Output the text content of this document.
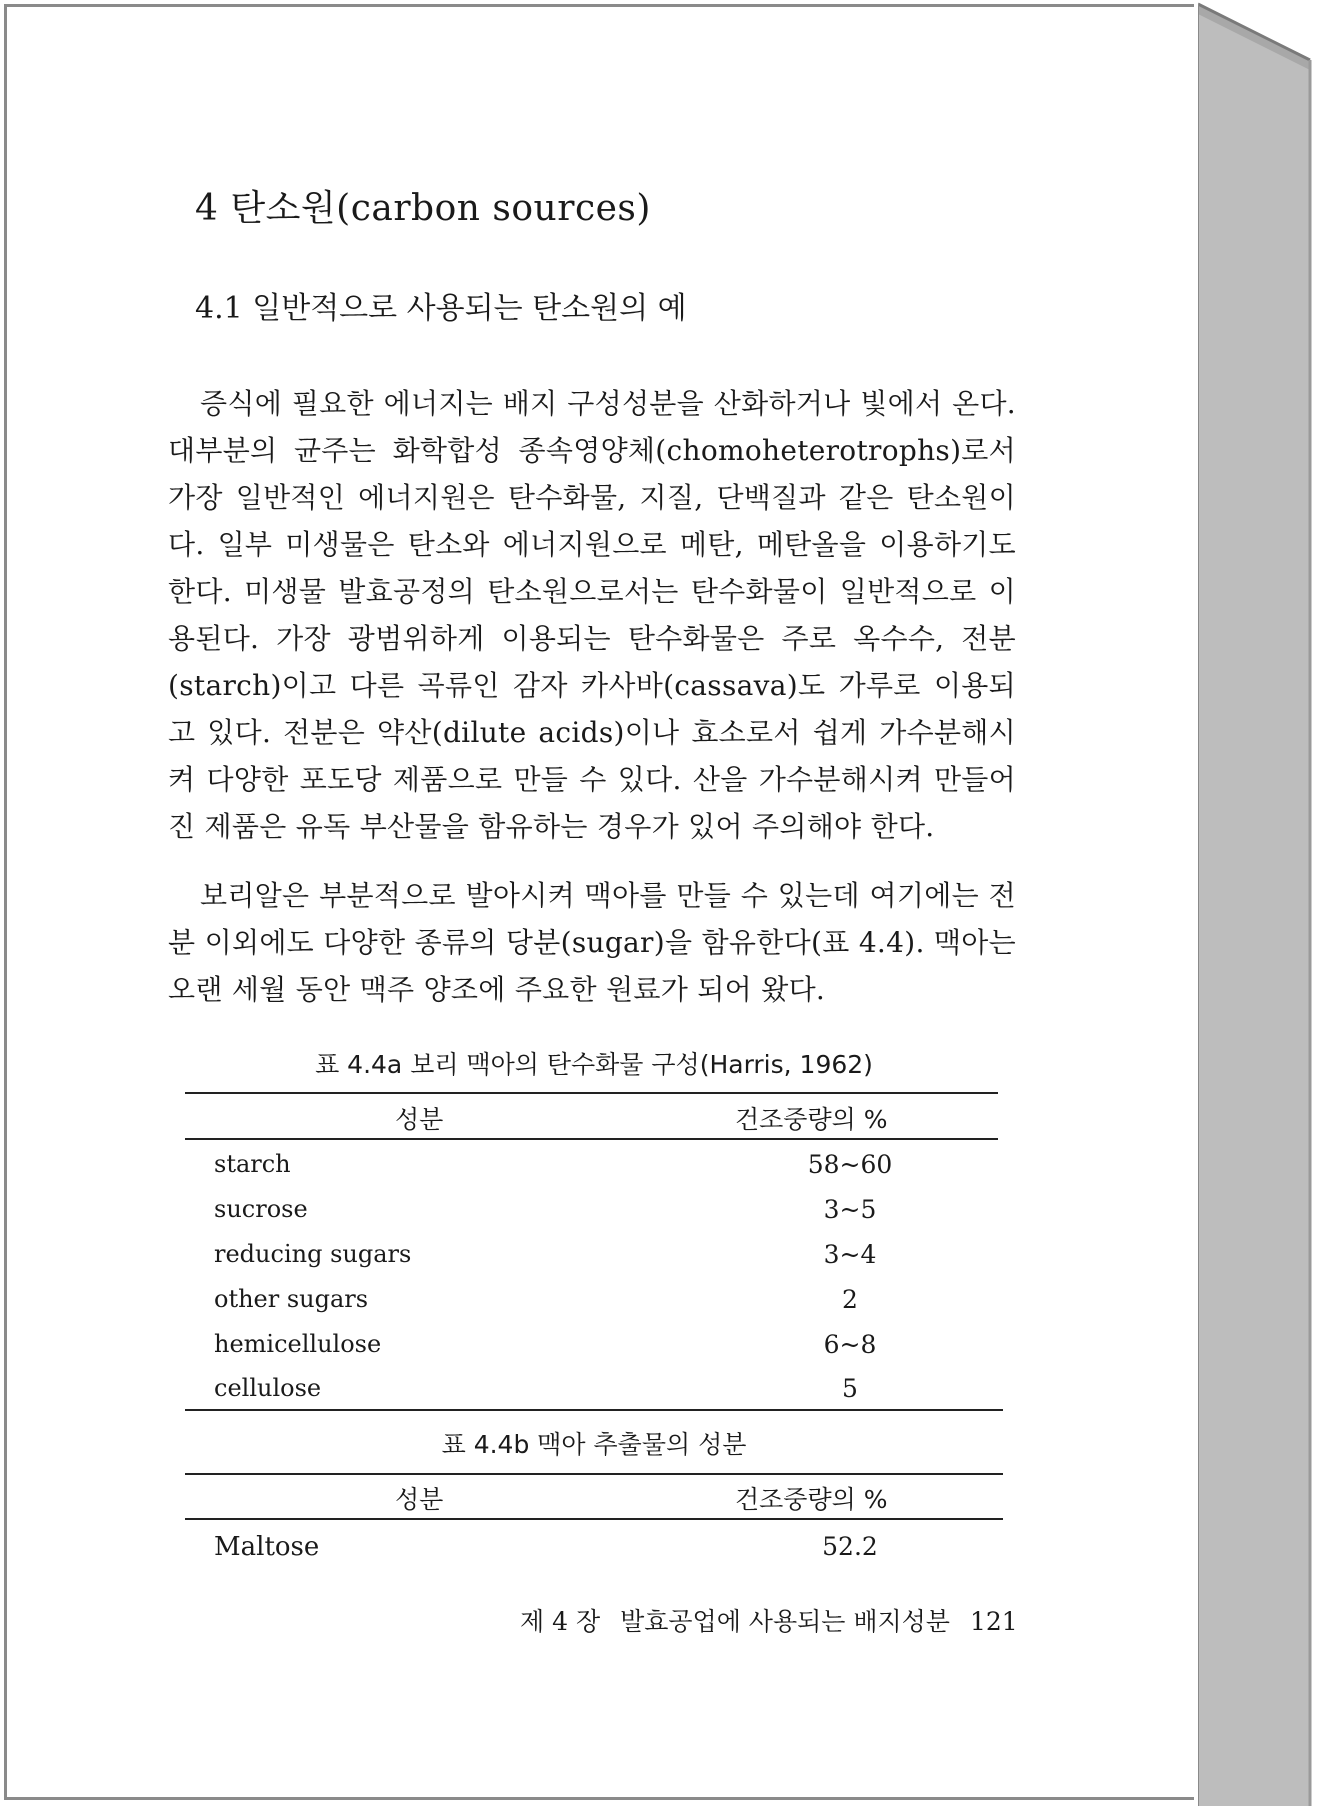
4 탄소원(carbon sources)
4.1 일반적으로 사용되는 탄소원의 예
증식에 필요한 에너지는 배지 구성성분을 산화하거나 빛에서 온다. 대부분의 균주는 화학합성 종속영양체(chomoheterotrophs)로서 가장 일반적인 에너지원은 탄수화물, 지질, 단백질과 같은 탄소원이다. 일부 미생물은 탄소와 에너지원으로 메탄, 메탄올을 이용하기도 한다. 미생물 발효공정의 탄소원으로서는 탄수화물이 일반적으로 이용된다. 가장 광범위하게 이용되는 탄수화물은 주로 옥수수, 전분(starch)이고 다른 곡류인 감자 카사바(cassava)도 가루로 이용되고 있다. 전분은 약산(dilute acids)이나 효소로서 쉽게 가수분해시켜 다양한 포도당 제품으로 만들 수 있다. 산을 가수분해시켜 만들어진 제품은 유독 부산물을 함유하는 경우가 있어 주의해야 한다.
보리알은 부분적으로 발아시켜 맥아를 만들 수 있는데 여기에는 전분 이외에도 다양한 종류의 당분(sugar)을 함유한다(표 4.4). 맥아는 오랜 세월 동안 맥주 양조에 주요한 원료가 되어 왔다.
표 4.4a 보리 맥아의 탄수화물 구성(Harris, 1962)
성분	건조중량의 %
starch	58~60
sucrose	3~5
reducing sugars	3~4
other sugars	2
hemicellulose	6~8
cellulose	5
표 4.4b 맥아 추출물의 성분
성분	건조중량의 %
Maltose	52.2
제 4 장 발효공업에 사용되는 배지성분 121
